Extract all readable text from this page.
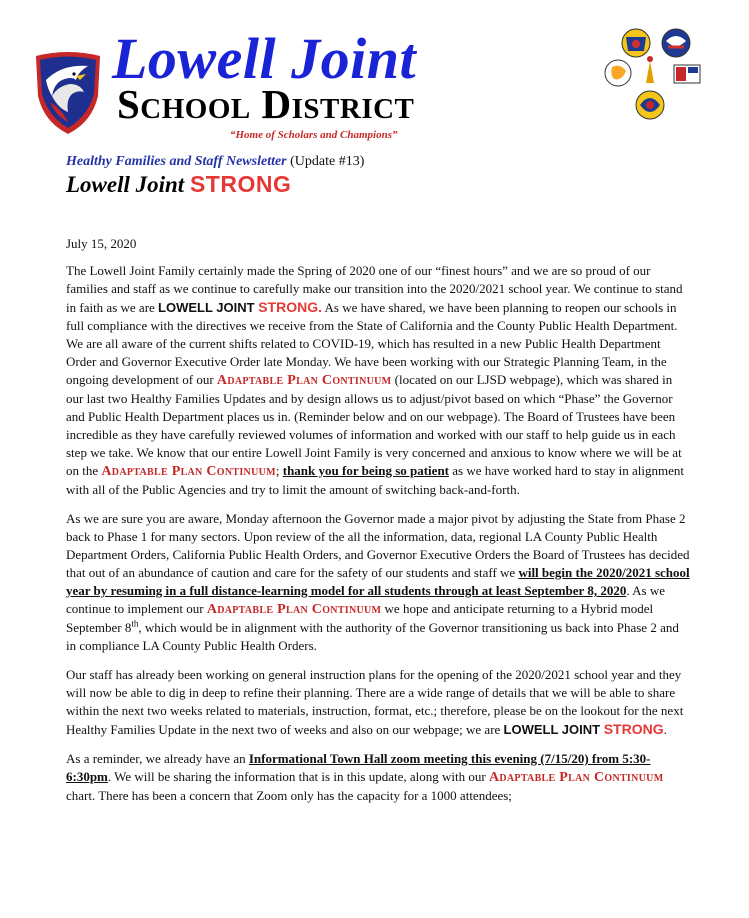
Lowell Joint
School District
“Home of Scholars and Champions”
Healthy Families and Staff Newsletter (Update #13)
Lowell Joint STRONG
July 15, 2020

The Lowell Joint Family certainly made the Spring of 2020 one of our “finest hours” and we are so proud of our families and staff as we continue to carefully make our transition into the 2020/2021 school year. We continue to stand in faith as we are LOWELL JOINT STRONG. As we have shared, we have been planning to reopen our schools in full compliance with the directives we receive from the State of California and the County Public Health Department. We are all aware of the current shifts related to COVID-19, which has resulted in a new Public Health Department Order and Governor Executive Order late Monday. We have been working with our Strategic Planning Team, in the ongoing development of our Adaptable Plan Continuum (located on our LJSD webpage), which was shared in our last two Healthy Families Updates and by design allows us to adjust/pivot based on which “Phase” the Governor and Public Health Department places us in. (Reminder below and on our webpage). The Board of Trustees have been incredible as they have carefully reviewed volumes of information and worked with our staff to help guide us in each step we take. We know that our entire Lowell Joint Family is very concerned and anxious to know where we will be at on the Adaptable Plan Continuum; thank you for being so patient as we have worked hard to stay in alignment with all of the Public Agencies and try to limit the amount of switching back-and-forth.

As we are sure you are aware, Monday afternoon the Governor made a major pivot by adjusting the State from Phase 2 back to Phase 1 for many sectors. Upon review of the all the information, data, regional LA County Public Health Department Orders, California Public Health Orders, and Governor Executive Orders the Board of Trustees has decided that out of an abundance of caution and care for the safety of our students and staff we will begin the 2020/2021 school year by resuming in a full distance-learning model for all students through at least September 8, 2020. As we continue to implement our Adaptable Plan Continuum we hope and anticipate returning to a Hybrid model September 8th, which would be in alignment with the authority of the Governor transitioning us back into Phase 2 and in compliance LA County Public Health Orders.

Our staff has already been working on general instruction plans for the opening of the 2020/2021 school year and they will now be able to dig in deep to refine their planning. There are a wide range of details that we will be able to share within the next two weeks related to materials, instruction, format, etc.; therefore, please be on the lookout for the next Healthy Families Update in the next two of weeks and also on our webpage; we are LOWELL JOINT STRONG.

As a reminder, we already have an Informational Town Hall zoom meeting this evening (7/15/20) from 5:30-6:30pm. We will be sharing the information that is in this update, along with our Adaptable Plan Continuum chart. There has been a concern that Zoom only has the capacity for a 1000 attendees;
